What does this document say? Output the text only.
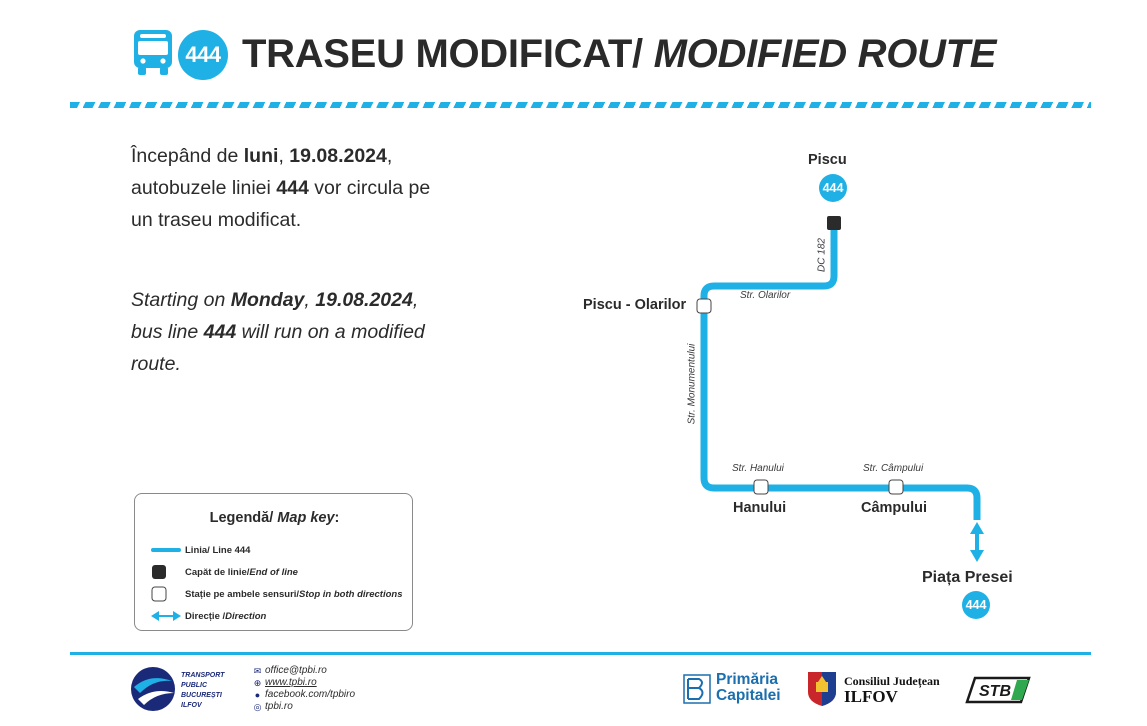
444 TRASEU MODIFICAT/ MODIFIED ROUTE
Începând de luni, 19.08.2024, autobuzele liniei 444 vor circula pe un traseu modificat.
Starting on Monday, 19.08.2024, bus line 444 will run on a modified route.
Legendă/ Map key:
Linia/ Line 444
Capăt de linie/ End of line
Stație pe ambele sensuri/ Stop in both directions
Direcție / Direction
Piscu
444
Piscu - Olarilor
Hanului	Câmpului
Piața Presei
444
DC 182
Str. Olarilor
Str. Monumentului
Str. Hanului	Str. Câmpului
TRANSPORT
PUBLIC
BUCUREȘTI
ILFOV
✉ office@tpbi.ro
⊕ www.tpbi.ro
● facebook.com/tpbiro
◎ tpbi.ro
Primăria
Capitalei
Consiliul Județean
ILFOV	STB
